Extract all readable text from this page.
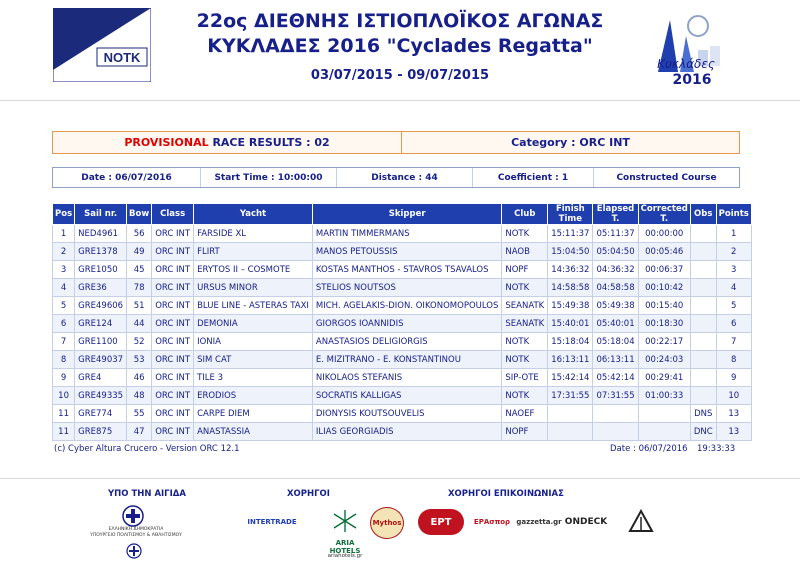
NOTK
22ος ΔΙΕΘΝΗΣ ΙΣΤΙΟΠΛΟΪΚΟΣ ΑΓΩΝΑΣ
ΚΥΚΛΑΔΕΣ 2016 "Cyclades Regatta"
03/07/2015 - 09/07/2015
Κυκλάδες
2016
PROVISIONAL
RACE RESULTS : 02	Category : ORC INT
Date : 06/07/2016	Start Time : 10:00:00	Distance : 44	Coefficient : 1	Constructed Course
Pos	Sail nr.	Bow	Class	Yacht	Skipper	Club	Finish Time	Elapsed T.	Corrected T.	Obs	Points
1	NED4961	56	ORC INT	FARSIDE XL	MARTIN TIMMERMANS	NOTK	15:11:37	05:11:37	00:00:00		1
2	GRE1378	49	ORC INT	FLIRT	MANOS PETOUSSIS	NAOB	15:04:50	05:04:50	00:05:46		2
3	GRE1050	45	ORC INT	ERYTOS II – COSMOTE	KOSTAS MANTHOS - STAVROS TSAVALOS	NOPF	14:36:32	04:36:32	00:06:37		3
4	GRE36	78	ORC INT	URSUS MINOR	STELIOS NOUTSOS	NOTK	14:58:58	04:58:58	00:10:42		4
5	GRE49606	51	ORC INT	BLUE LINE - ASTERAS TAXI	MICH. AGELAKIS-DION. OIKONOMOPOULOS	SEANATK	15:49:38	05:49:38	00:15:40		5
6	GRE124	44	ORC INT	DEMONIA	GIORGOS IOANNIDIS	SEANATK	15:40:01	05:40:01	00:18:30		6
7	GRE1100	52	ORC INT	IONIA	ANASTASIOS DELIGIORGIS	NOTK	15:18:04	05:18:04	00:22:17		7
8	GRE49037	53	ORC INT	SIM CAT	E. MIZITRANO - E. KONSTANTINOU	NOTK	16:13:11	06:13:11	00:24:03		8
9	GRE4	46	ORC INT	TILE 3	NIKOLAOS STEFANIS	SIP-OTE	15:42:14	05:42:14	00:29:41		9
10	GRE49335	48	ORC INT	ERODIOS	SOCRATIS KALLIGAS	NOTK	17:31:55	07:31:55	01:00:33		10
11	GRE774	55	ORC INT	CARPE DIEM	DIONYSIS KOUTSOUVELIS	NAOEF				DNS	13
11	GRE875	47	ORC INT	ANASTASSIA	ILIAS GEORGIADIS	NOPF				DNC	13
(c) Cyber Altura Crucero - Version ORC 12.1	Date : 06/07/2016 19:33:33
ΥΠΟ ΤΗΝ ΑΙΓΙΔΑ	ΧΟΡΗΓΟΙ	ΧΟΡΗΓΟΙ ΕΠΙΚΟΙΝΩΝΙΑΣ
ΕΛΛΗΝΙΚΗ ΔΗΜΟΚΡΑΤΙΑ
ΥΠΟΥΡΓΕΙΟ ΠΟΛΙΤΙΣΜΟΥ & ΑΘΛΗΤΙΣΜΟΥ
INTERTRADE
ARIA HOTELS
ariahotels.gr
Mythos	ΕΡΤ	ΕΡΑσπορ gazzetta.gr ONDECK
